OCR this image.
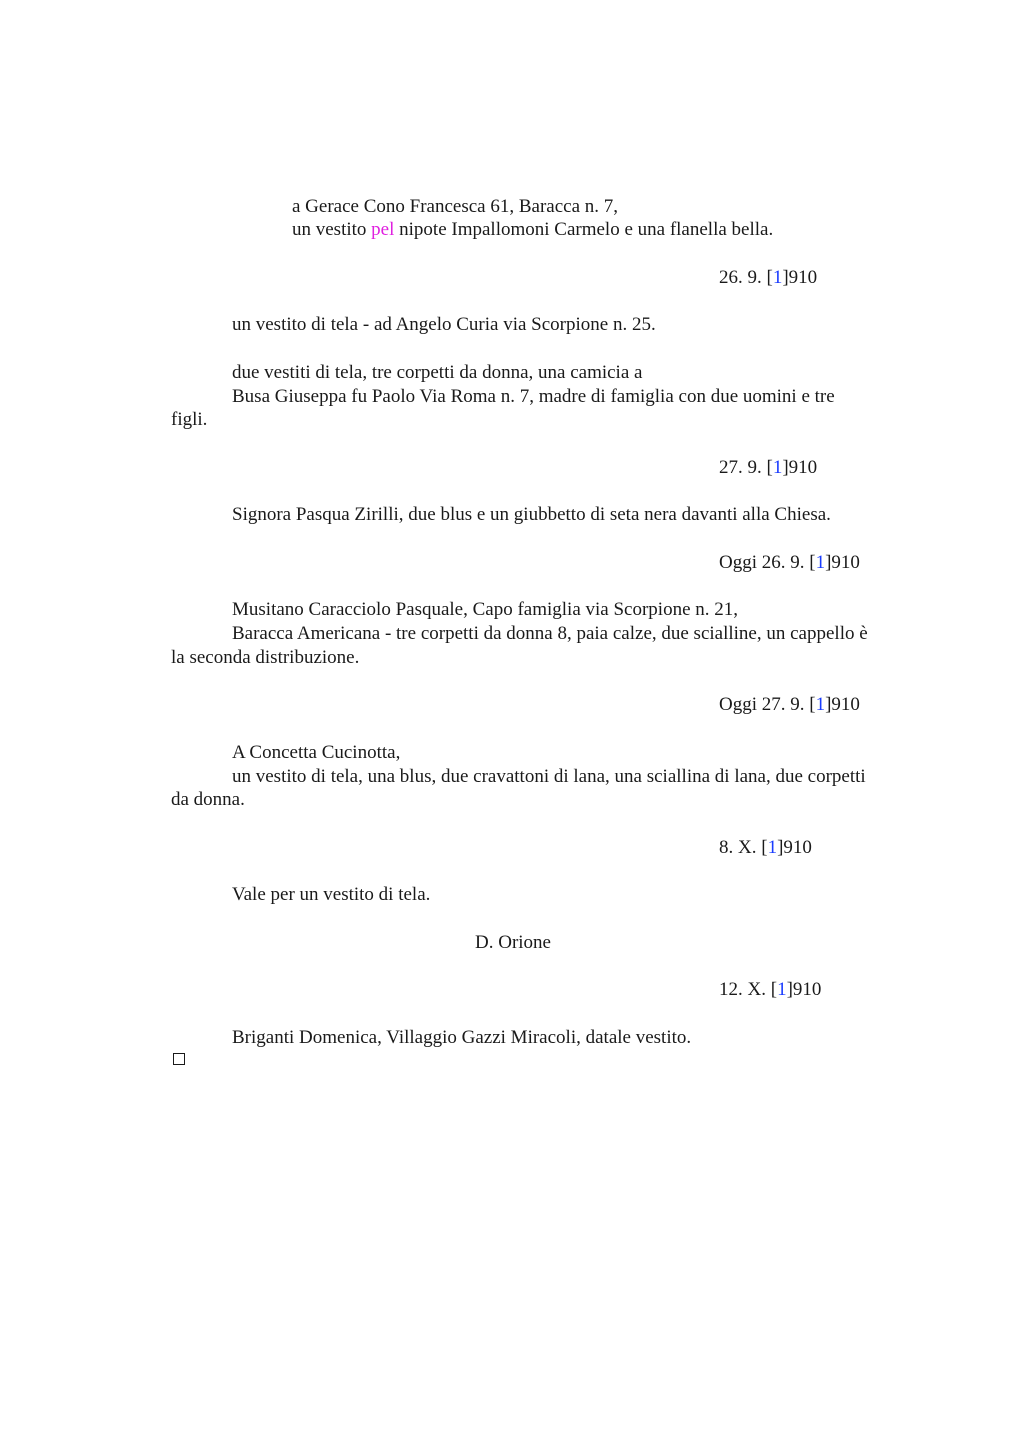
a Gerace Cono Francesca 61, Baracca n. 7,
un vestito pel nipote Impallomoni Carmelo e una flanella bella.
26. 9. [1]910
un vestito di tela - ad Angelo Curia via Scorpione n. 25.
due vestiti di tela, tre corpetti da donna, una camicia a
Busa Giuseppa fu Paolo Via Roma n. 7, madre di famiglia con due uomini e tre
figli.
27. 9. [1]910
Signora Pasqua Zirilli, due blus e un giubbetto di seta nera davanti alla Chiesa.
Oggi 26. 9. [1]910
Musitano Caracciolo Pasquale, Capo famiglia via Scorpione n. 21,
Baracca Americana - tre corpetti da donna 8, paia calze, due scialline, un cappello è
la seconda distribuzione.
Oggi 27. 9. [1]910
A Concetta Cucinotta,
un vestito di tela, una blus, due cravattoni di lana, una sciallina di lana, due corpetti
da donna.
8. X. [1]910
Vale per un vestito di tela.
D. Orione
12. X. [1]910
Briganti Domenica, Villaggio Gazzi Miracoli, datale vestito.
